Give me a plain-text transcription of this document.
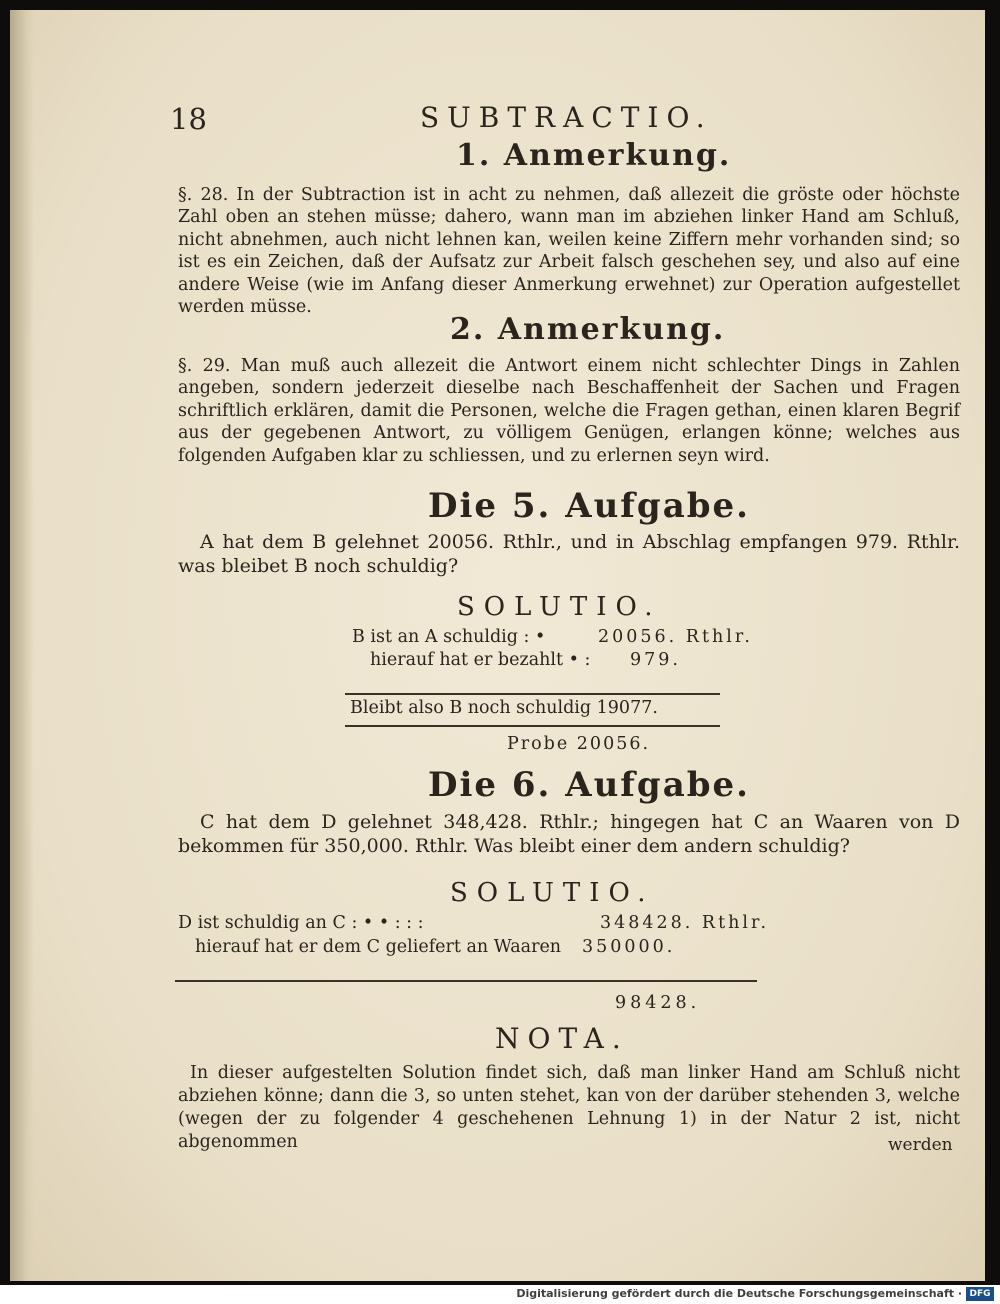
18	SUBTRACTIO.
1. Anmerkung.
§. 28. In der Subtraction ist in acht zu nehmen, daß allezeit die gröste oder höchste Zahl oben an stehen müsse; dahero, wann man im abziehen linker Hand am Schluß, nicht abnehmen, auch nicht lehnen kan, weilen keine Ziffern mehr vorhanden sind; so ist es ein Zeichen, daß der Aufsatz zur Arbeit falsch geschehen sey, und also auf eine andere Weise (wie im Anfang dieser Anmerkung erwehnet) zur Operation aufgestellet werden müsse.
2. Anmerkung.
§. 29. Man muß auch allezeit die Antwort einem nicht schlechter Dings in Zahlen angeben, sondern jederzeit dieselbe nach Beschaffenheit der Sachen und Fragen schriftlich erklären, damit die Personen, welche die Fragen gethan, einen klaren Begrif aus der gegebenen Antwort, zu völligem Genügen, erlangen könne; welches aus folgenden Aufgaben klar zu schliessen, und zu erlernen seyn wird.
Die 5. Aufgabe.
A hat dem B gelehnet 20056. Rthlr., und in Abschlag empfangen 979. Rthlr. was bleibet B noch schuldig?
SOLUTIO.
B ist an A schuldig : •	20056. Rthlr.
hierauf hat er bezahlt • : 979.
Bleibt also B noch schuldig 19077.
Probe 20056.
Die 6. Aufgabe.
C hat dem D gelehnet 348,428. Rthlr.; hingegen hat C an Waaren von D bekommen für 350,000. Rthlr. Was bleibt einer dem andern schuldig?
SOLUTIO.
D ist schuldig an C : • • : : :	348428. Rthlr.
hierauf hat er dem C geliefert an Waaren 350000.
98428.
NOTA.
In dieser aufgestelten Solution findet sich, daß man linker Hand am Schluß nicht abziehen könne; dann die 3, so unten stehet, kan von der darüber stehenden 3, welche (wegen der zu folgender 4 geschehenen Lehnung 1) in der Natur 2 ist, nicht abgenommen	werden
Digitalisierung gefördert durch die Deutsche Forschungsgemeinschaft · DFG
